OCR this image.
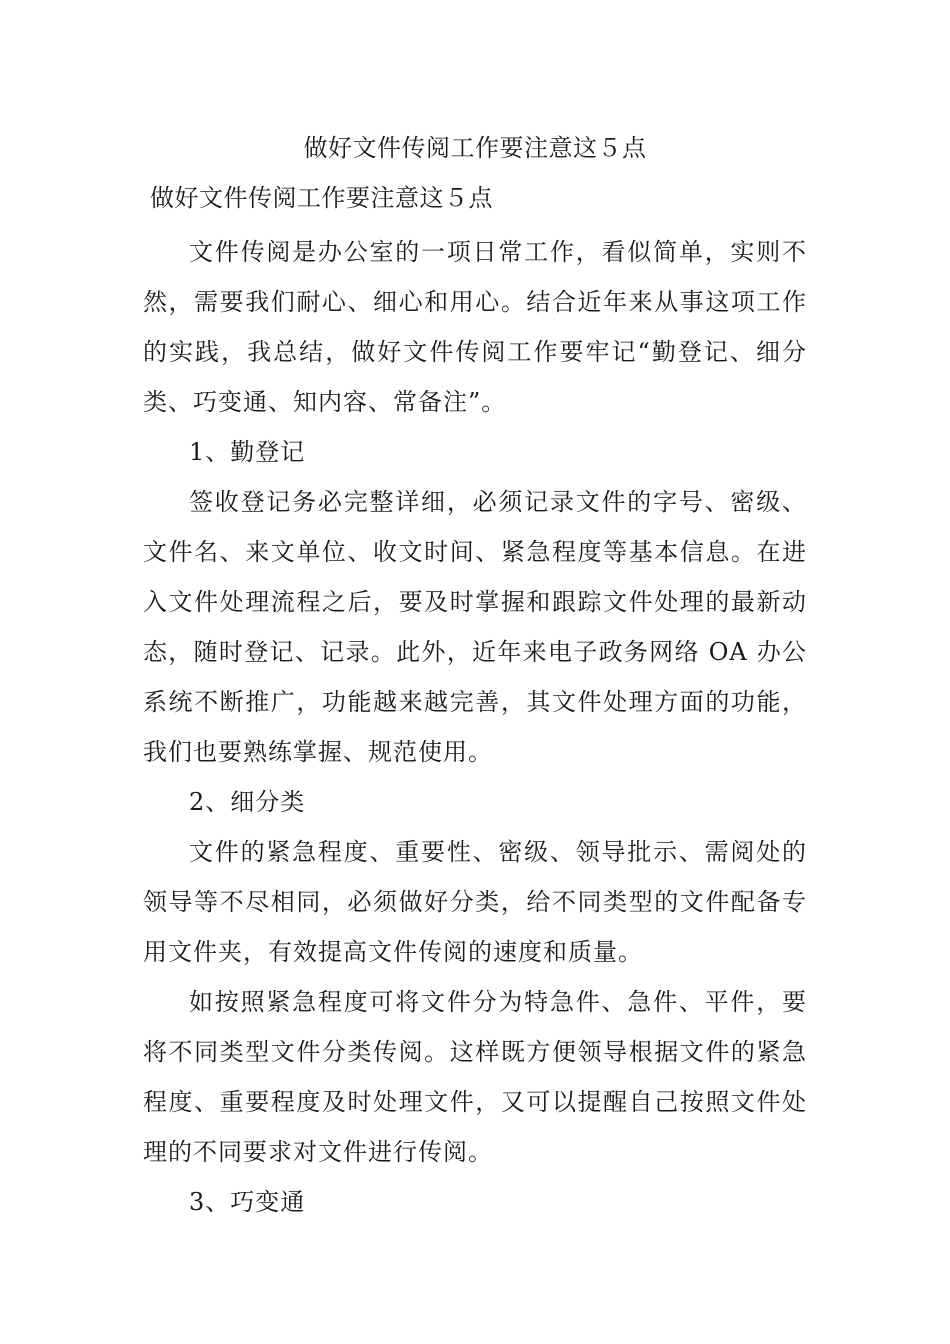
做好文件传阅工作要注意这５点
做好文件传阅工作要注意这５点

文件传阅是办公室的一项日常工作，看似简单，实则不然，需要我们耐心、细心和用心。结合近年来从事这项工作的实践，我总结，做好文件传阅工作要牢记“勤登记、细分类、巧变通、知内容、常备注”。

1、勤登记

签收登记务必完整详细，必须记录文件的字号、密级、文件名、来文单位、收文时间、紧急程度等基本信息。在进入文件处理流程之后，要及时掌握和跟踪文件处理的最新动态，随时登记、记录。此外，近年来电子政务网络 OA 办公系统不断推广，功能越来越完善，其文件处理方面的功能，我们也要熟练掌握、规范使用。

2、细分类

文件的紧急程度、重要性、密级、领导批示、需阅处的领导等不尽相同，必须做好分类，给不同类型的文件配备专用文件夹，有效提高文件传阅的速度和质量。

如按照紧急程度可将文件分为特急件、急件、平件，要将不同类型文件分类传阅。这样既方便领导根据文件的紧急程度、重要程度及时处理文件，又可以提醒自己按照文件处理的不同要求对文件进行传阅。

3、巧变通
